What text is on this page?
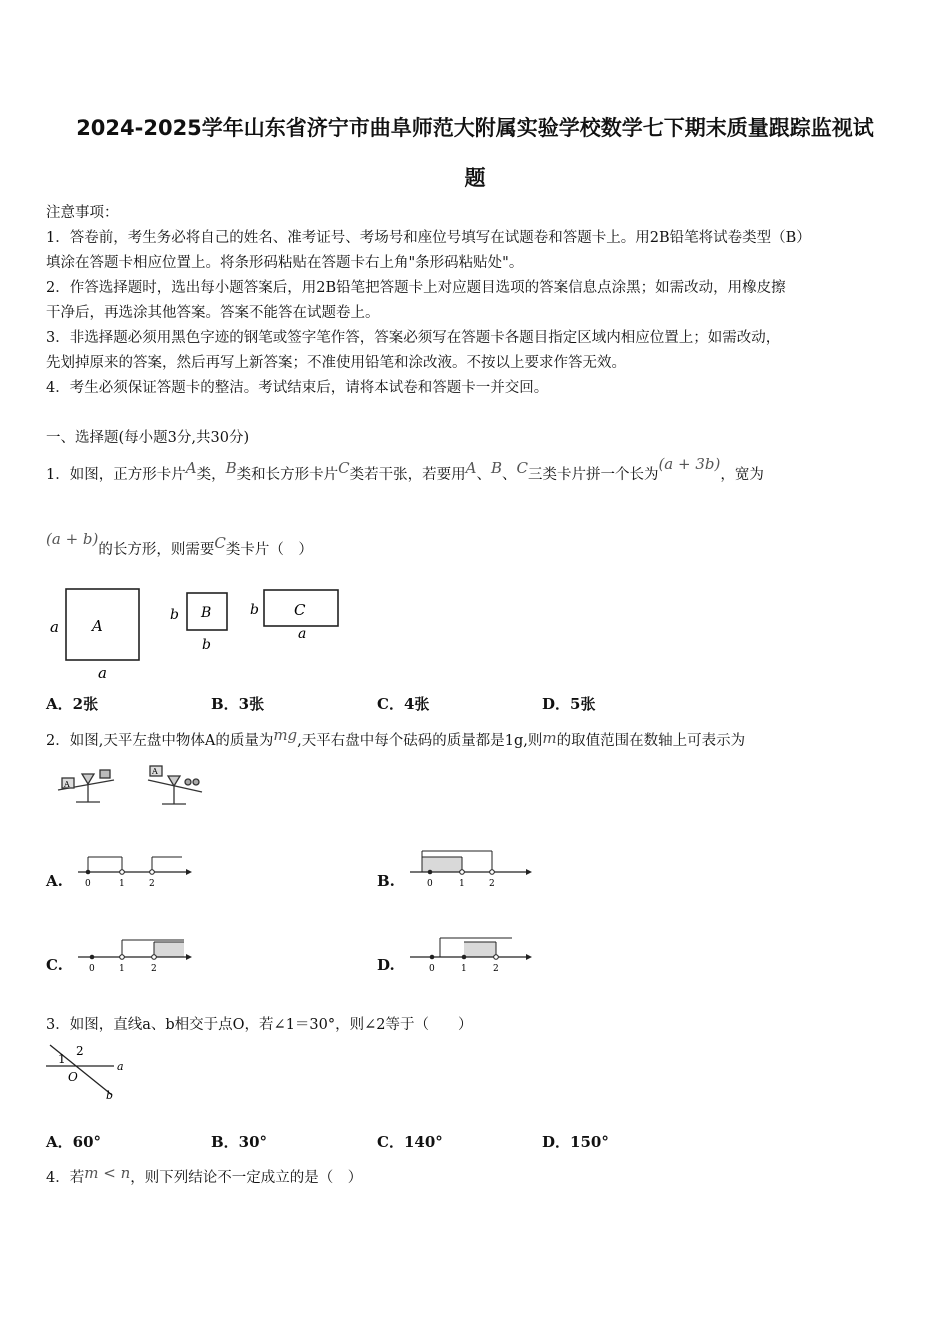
2024-2025学年山东省济宁市曲阜师范大附属实验学校数学七下期末质量跟踪监视试
题
注意事项：
1．答卷前，考生务必将自己的姓名、准考证号、考场号和座位号填写在试题卷和答题卡上。用2B铅笔将试卷类型（B）
填涂在答题卡相应位置上。将条形码粘贴在答题卡右上角"条形码粘贴处"。
2．作答选择题时，选出每小题答案后，用2B铅笔把答题卡上对应题目选项的答案信息点涂黑；如需改动，用橡皮擦
干净后，再选涂其他答案。答案不能答在试题卷上。
3．非选择题必须用黑色字迹的钢笔或签字笔作答，答案必须写在答题卡各题目指定区域内相应位置上；如需改动，
先划掉原来的答案，然后再写上新答案；不准使用铅笔和涂改液。不按以上要求作答无效。
4．考生必须保证答题卡的整洁。考试结束后，请将本试卷和答题卡一并交回。
一、选择题(每小题3分,共30分)
1．如图，正方形卡片A类，B类和长方形卡片C类若干张，若要用A、B、C三类卡片拼一个长为(a + 3b)，宽为
(a + b)的长方形，则需要C类卡片（　）
A
a
a
B
b
b
C
b
a
A．2张	B．3张	C．4张	D．5张
2．如图,天平左盘中物体A的质量为mg,天平右盘中每个砝码的质量都是1g,则m的取值范围在数轴上可表示为
A
A
A. 0	1	2	B.	0	1	2
C.	0	1	2	D.	0	1	2
3．如图，直线a、b相交于点O，若∠1＝30°，则∠2等于（　　）
1
2
O
a
b
A．60°	B．30°	C．140°	D．150°
4．若m < n，则下列结论不一定成立的是（　）
